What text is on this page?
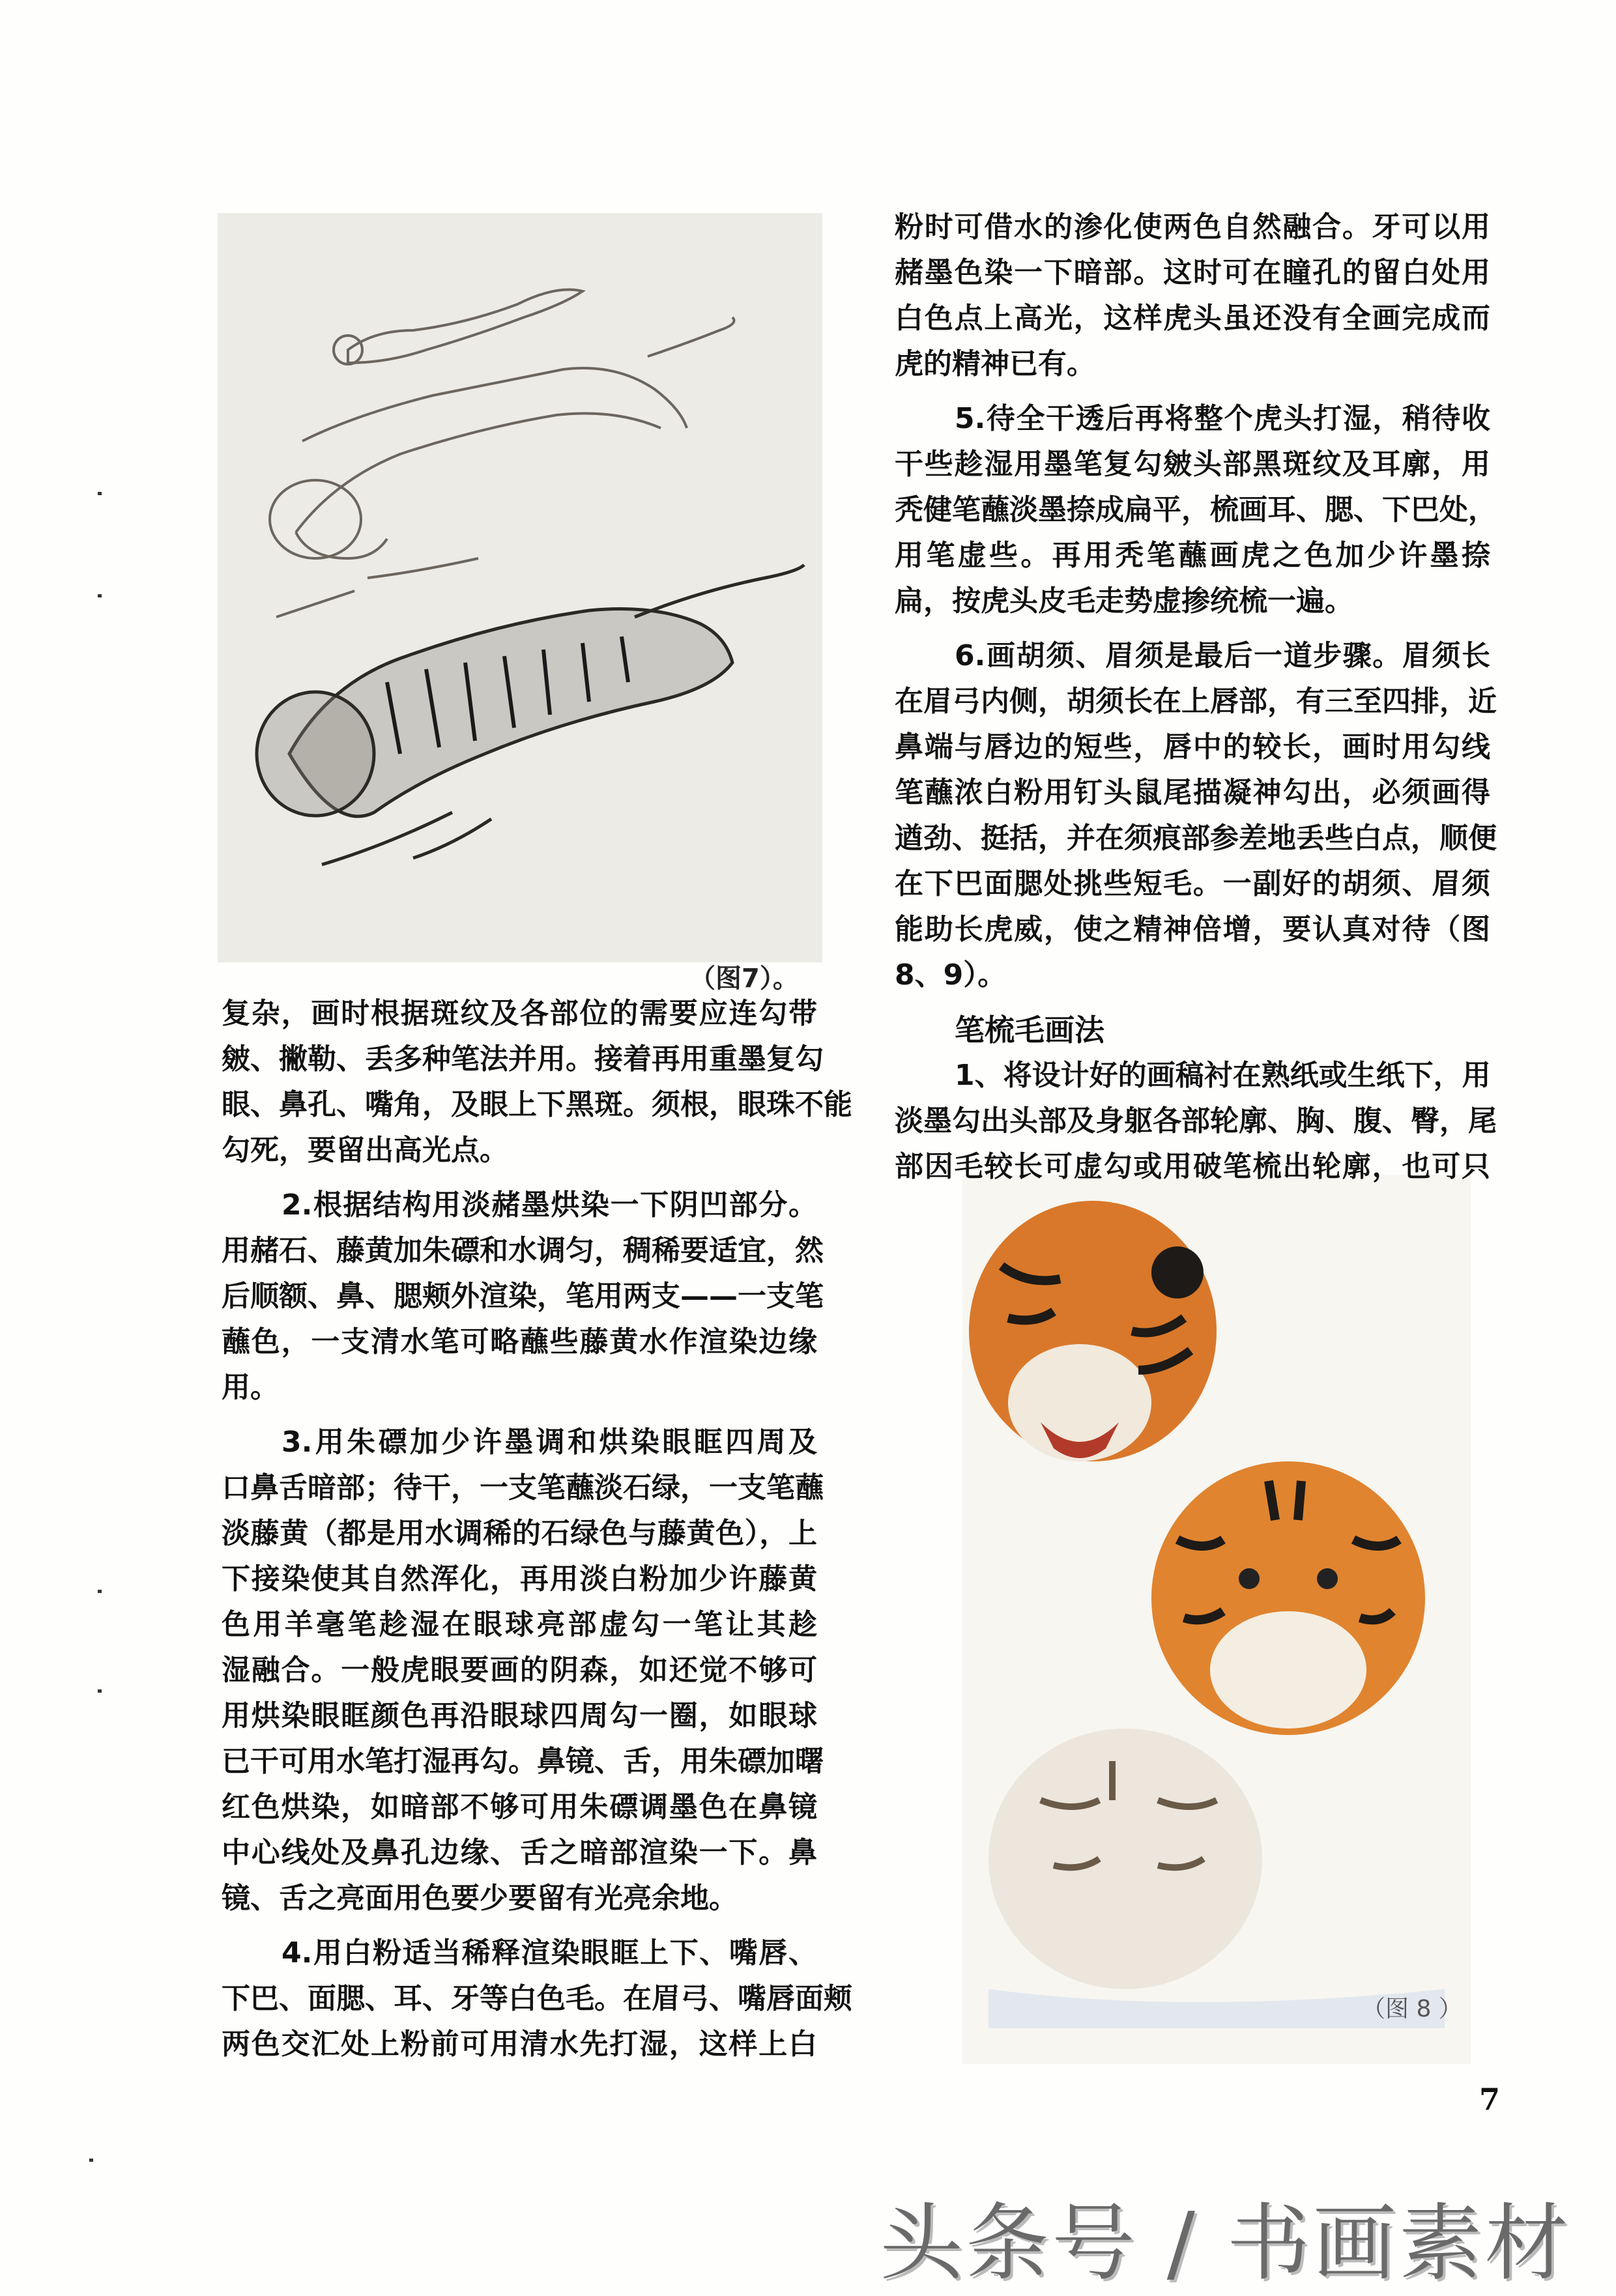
（图7）。
（图 8 ）
复杂，画时根据斑纹及各部位的需要应连勾带
皴、撇勒、丢多种笔法并用。接着再用重墨复勾
眼、鼻孔、嘴角，及眼上下黑斑。须根，眼珠不能
勾死，要留出高光点。
2.根据结构用淡赭墨烘染一下阴凹部分。
用赭石、藤黄加朱磦和水调匀，稠稀要适宜，然
后顺额、鼻、腮颊外渲染，笔用两支——一支笔
蘸色，一支清水笔可略蘸些藤黄水作渲染边缘
用。
3.用朱磦加少许墨调和烘染眼眶四周及
口鼻舌暗部；待干，一支笔蘸淡石绿，一支笔蘸
淡藤黄（都是用水调稀的石绿色与藤黄色），上
下接染使其自然浑化，再用淡白粉加少许藤黄
色用羊毫笔趁湿在眼球亮部虚勾一笔让其趁
湿融合。一般虎眼要画的阴森，如还觉不够可
用烘染眼眶颜色再沿眼球四周勾一圈，如眼球
已干可用水笔打湿再勾。鼻镜、舌，用朱磦加曙
红色烘染，如暗部不够可用朱磦调墨色在鼻镜
中心线处及鼻孔边缘、舌之暗部渲染一下。鼻
镜、舌之亮面用色要少要留有光亮余地。
4.用白粉适当稀释渲染眼眶上下、嘴唇、
下巴、面腮、耳、牙等白色毛。在眉弓、嘴唇面颊
两色交汇处上粉前可用清水先打湿，这样上白
粉时可借水的渗化使两色自然融合。牙可以用
赭墨色染一下暗部。这时可在瞳孔的留白处用
白色点上高光，这样虎头虽还没有全画完成而
虎的精神已有。
5.待全干透后再将整个虎头打湿，稍待收
干些趁湿用墨笔复勾皴头部黑斑纹及耳廓，用
秃健笔蘸淡墨捺成扁平，梳画耳、腮、下巴处，
用笔虚些。再用秃笔蘸画虎之色加少许墨捺
扁，按虎头皮毛走势虚掺统梳一遍。
6.画胡须、眉须是最后一道步骤。眉须长
在眉弓内侧，胡须长在上唇部，有三至四排，近
鼻端与唇边的短些，唇中的较长，画时用勾线
笔蘸浓白粉用钉头鼠尾描凝神勾出，必须画得
遒劲、挺括，并在须痕部参差地丢些白点，顺便
在下巴面腮处挑些短毛。一副好的胡须、眉须
能助长虎威，使之精神倍增，要认真对待（图
8、9）。
笔梳毛画法
1、将设计好的画稿衬在熟纸或生纸下，用
淡墨勾出头部及身躯各部轮廓、胸、腹、臀，尾
部因毛较长可虚勾或用破笔梳出轮廓，也可只
7
头条号 / 书画素材
